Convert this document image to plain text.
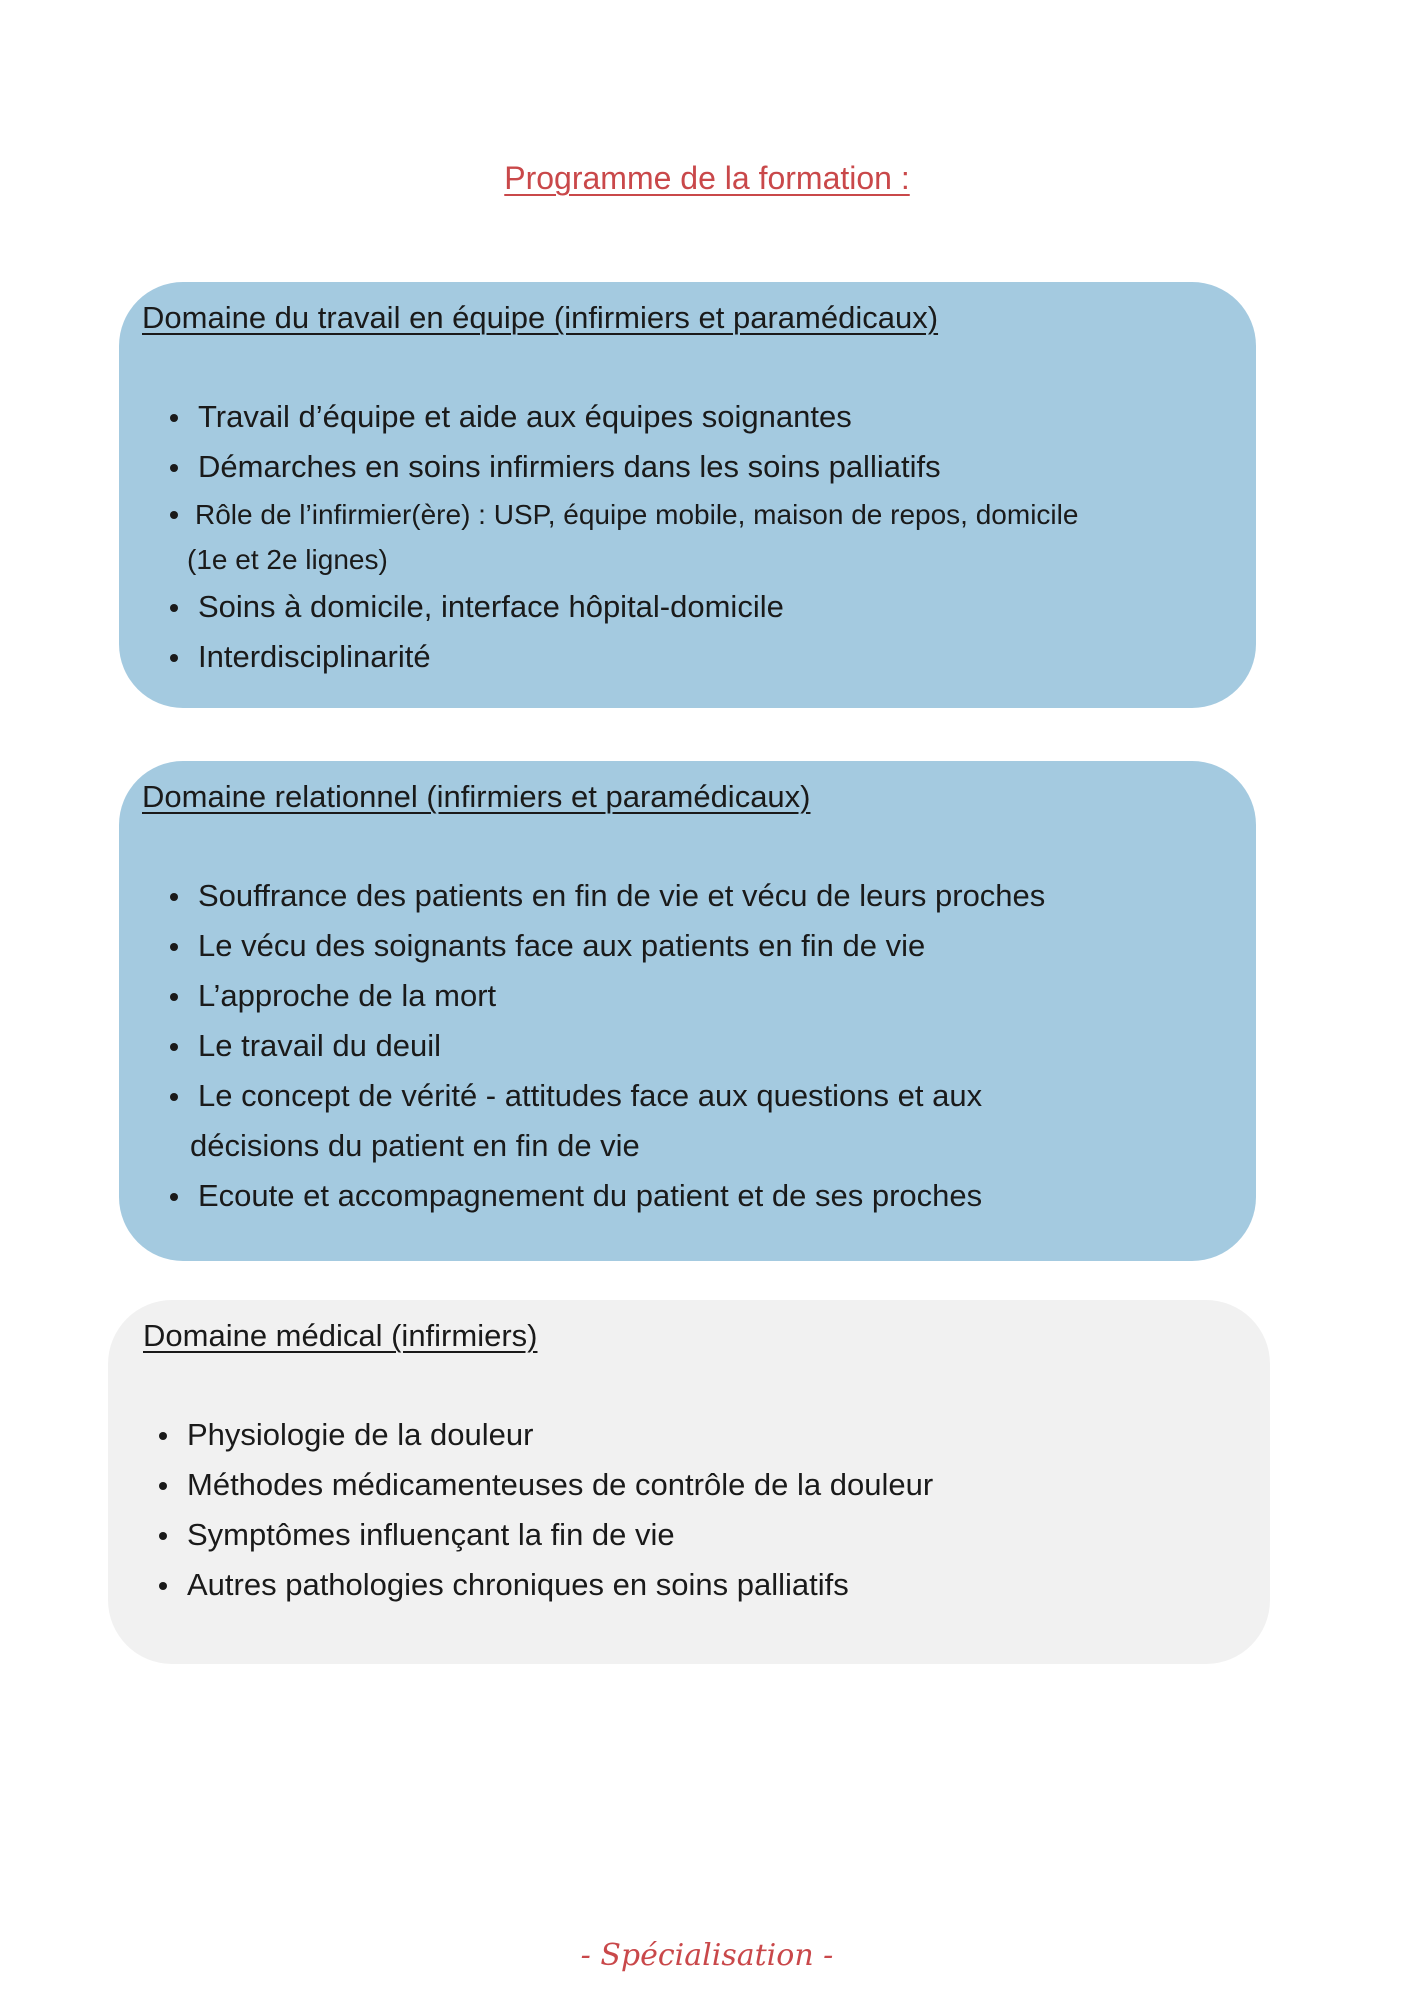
Programme de la formation :
Domaine du travail en équipe (infirmiers et paramédicaux)
Travail d’équipe et aide aux équipes soignantes
Démarches en soins infirmiers dans les soins palliatifs
Rôle de l’infirmier(ère) : USP, équipe mobile, maison de repos, domicile
(1e et 2e lignes)
Soins à domicile, interface hôpital-domicile
Interdisciplinarité
Domaine relationnel (infirmiers et paramédicaux)
Souffrance des patients en fin de vie et vécu de leurs proches
Le vécu des soignants face aux patients en fin de vie
L’approche de la mort
Le travail du deuil
Le concept de vérité - attitudes face aux questions et aux
décisions du patient en fin de vie
Ecoute et accompagnement du patient et de ses proches
Domaine médical (infirmiers)
Physiologie de la douleur
Méthodes médicamenteuses de contrôle de la douleur
Symptômes influençant la fin de vie
Autres pathologies chroniques en soins palliatifs
- Spécialisation -
